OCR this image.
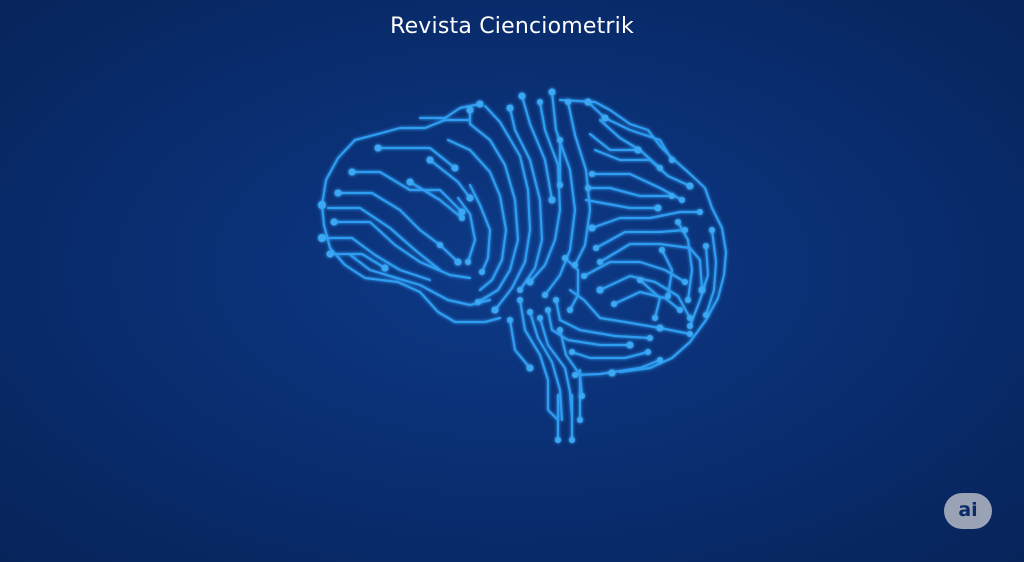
Revista Cienciometrik
ai
